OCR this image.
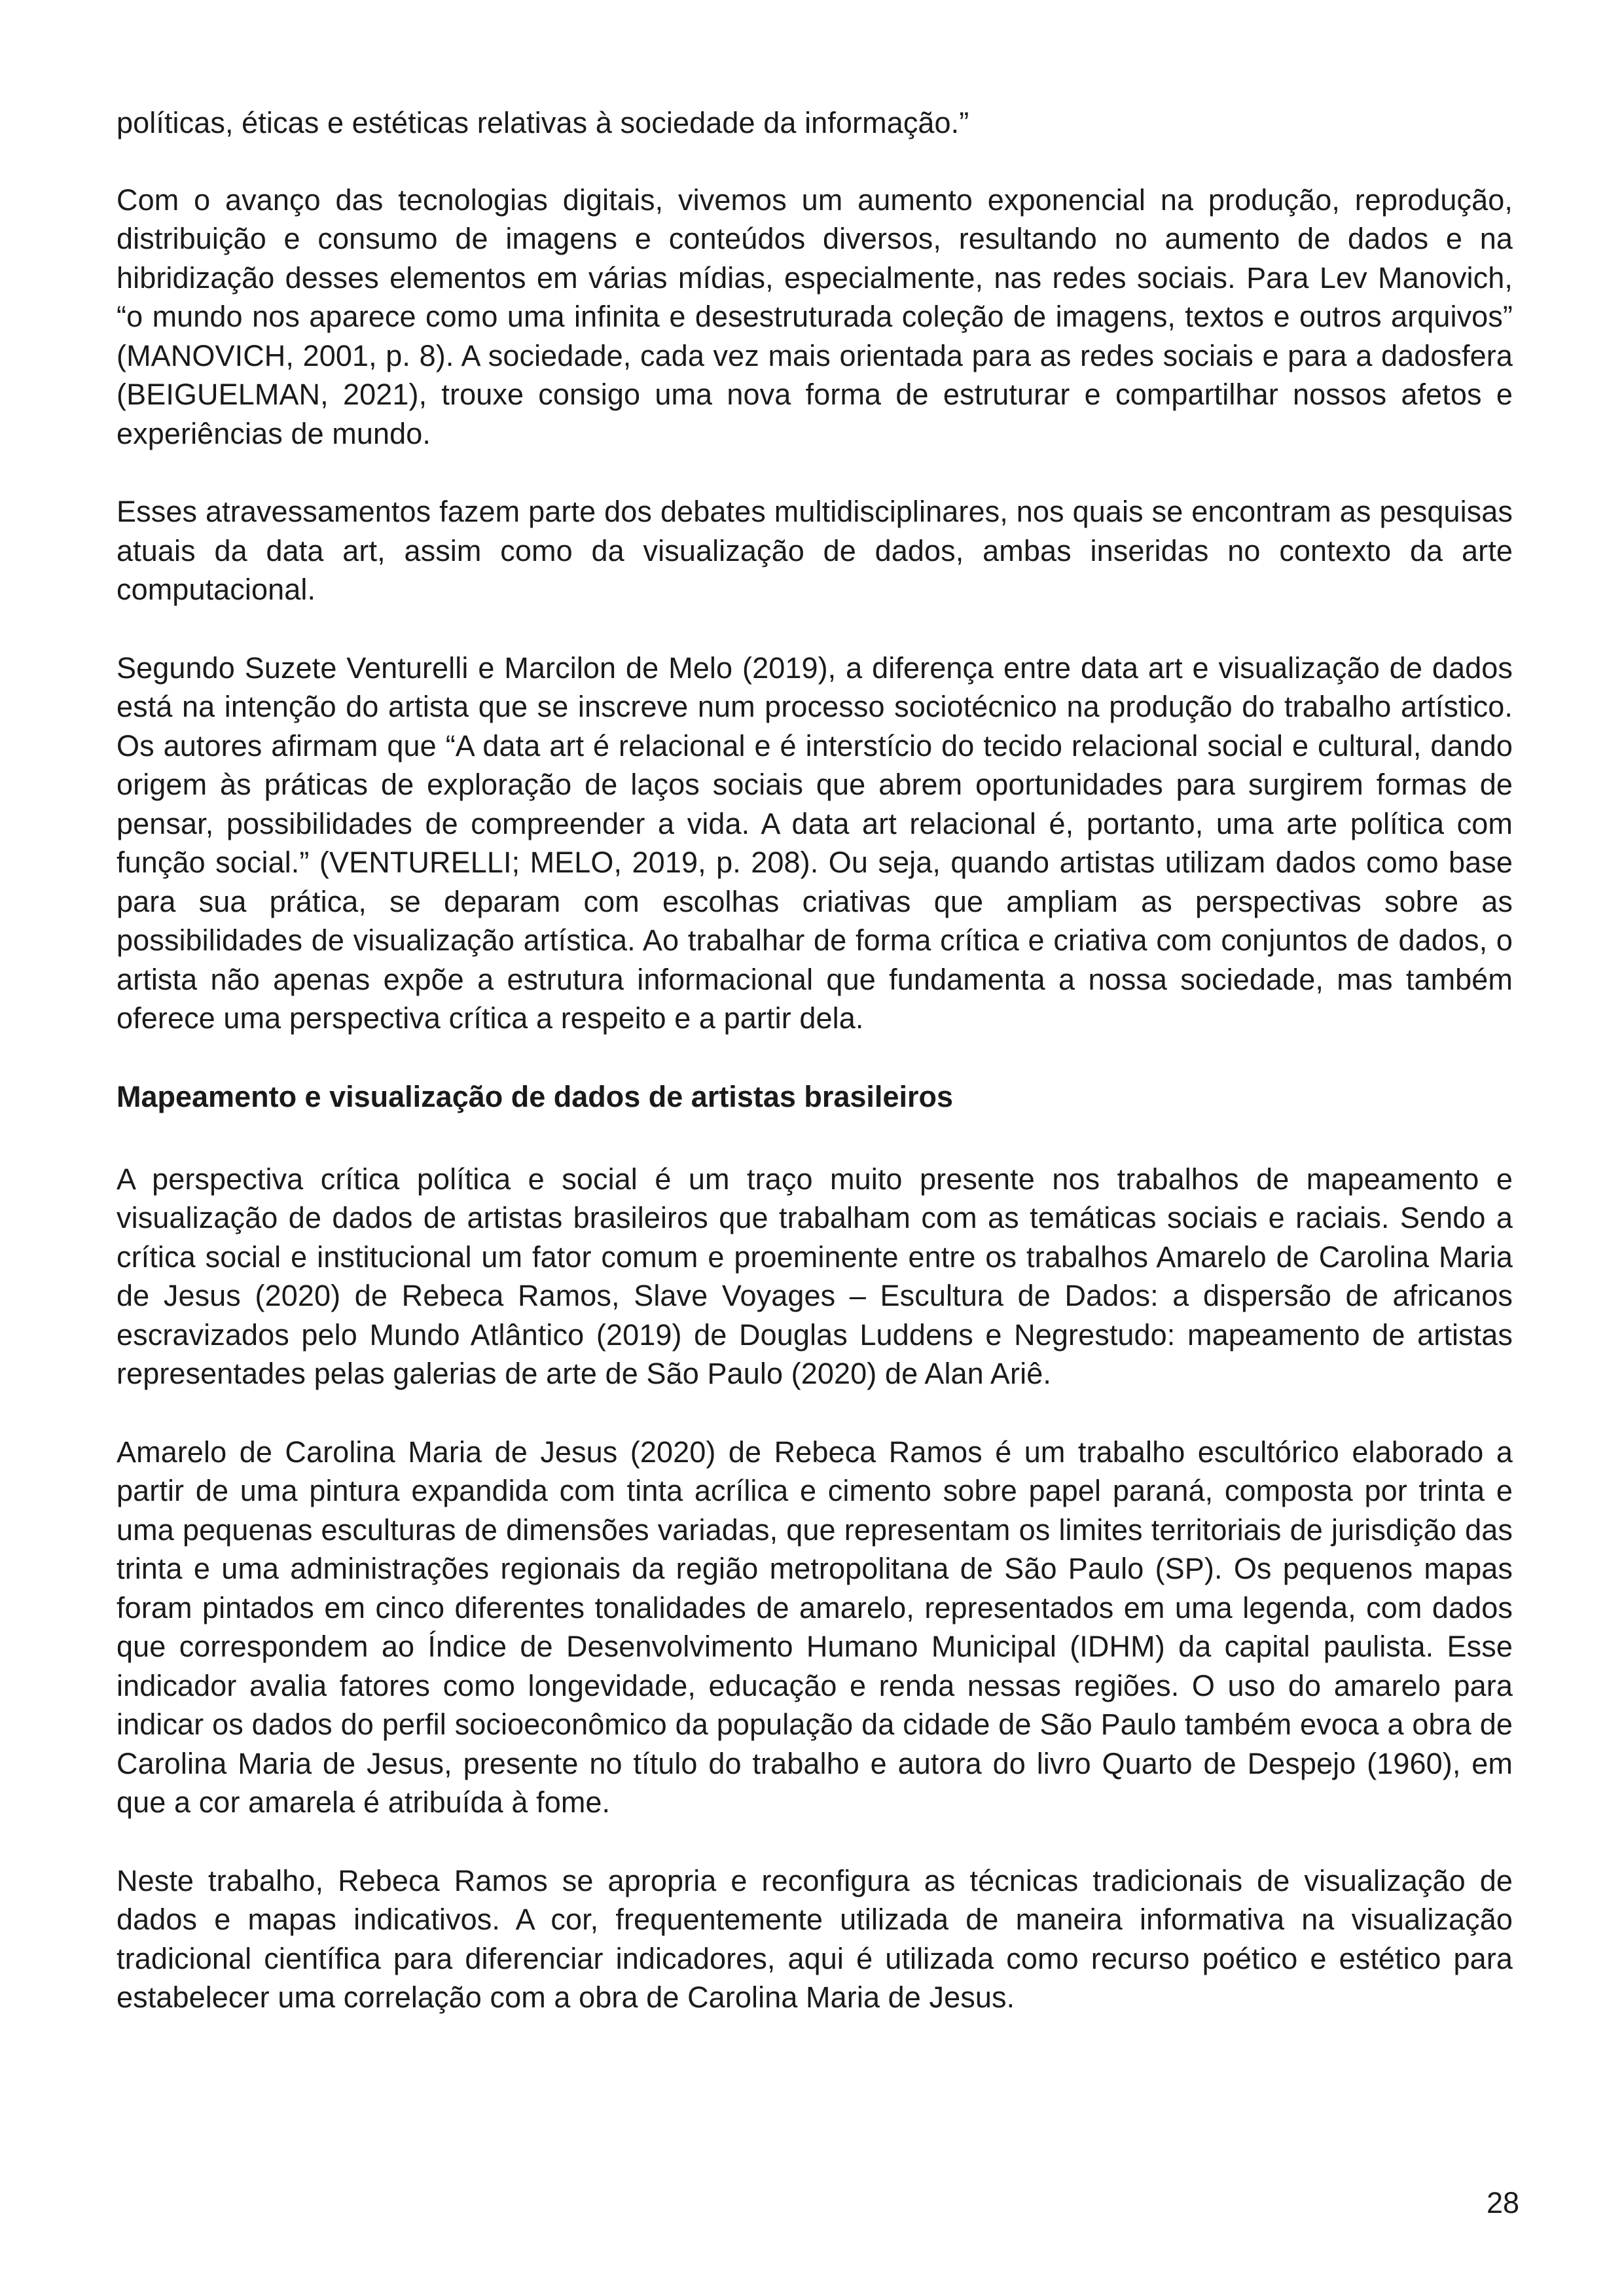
políticas, éticas e estéticas relativas à sociedade da informação.”

Com o avanço das tecnologias digitais, vivemos um aumento exponencial na produção, reprodução, distribuição e consumo de imagens e conteúdos diversos, resultando no aumento de dados e na hibridização desses elementos em várias mídias, especialmente, nas redes sociais. Para Lev Manovich, “o mundo nos aparece como uma infinita e desestruturada coleção de imagens, textos e outros arquivos” (MANOVICH, 2001, p. 8). A sociedade, cada vez mais orientada para as redes sociais e para a dadosfera (BEIGUELMAN, 2021), trouxe consigo uma nova forma de estruturar e compartilhar nossos afetos e experiências de mundo.

Esses atravessamentos fazem parte dos debates multidisciplinares, nos quais se encontram as pesquisas atuais da data art, assim como da visualização de dados, ambas inseridas no contexto da arte computacional.

Segundo Suzete Venturelli e Marcilon de Melo (2019), a diferença entre data art e visualização de dados está na intenção do artista que se inscreve num processo sociotécnico na produção do trabalho artístico. Os autores afirmam que “A data art é relacional e é interstício do tecido relacional social e cultural, dando origem às práticas de exploração de laços sociais que abrem oportunidades para surgirem formas de pensar, possibilidades de compreender a vida. A data art relacional é, portanto, uma arte política com função social.” (VENTURELLI; MELO, 2019, p. 208). Ou seja, quando artistas utilizam dados como base para sua prática, se deparam com escolhas criativas que ampliam as perspectivas sobre as possibilidades de visualização artística. Ao trabalhar de forma crítica e criativa com conjuntos de dados, o artista não apenas expõe a estrutura informacional que fundamenta a nossa sociedade, mas também oferece uma perspectiva crítica a respeito e a partir dela.

Mapeamento e visualização de dados de artistas brasileiros

A perspectiva crítica política e social é um traço muito presente nos trabalhos de mapeamento e visualização de dados de artistas brasileiros que trabalham com as temáticas sociais e raciais. Sendo a crítica social e institucional um fator comum e proeminente entre os trabalhos Amarelo de Carolina Maria de Jesus (2020) de Rebeca Ramos, Slave Voyages – Escultura de Dados: a dispersão de africanos escravizados pelo Mundo Atlântico (2019) de Douglas Luddens e Negrestudo: mapeamento de artistas representades pelas galerias de arte de São Paulo (2020) de Alan Ariê.

Amarelo de Carolina Maria de Jesus (2020) de Rebeca Ramos é um trabalho escultórico elaborado a partir de uma pintura expandida com tinta acrílica e cimento sobre papel paraná, composta por trinta e uma pequenas esculturas de dimensões variadas, que representam os limites territoriais de jurisdição das trinta e uma administrações regionais da região metropolitana de São Paulo (SP). Os pequenos mapas foram pintados em cinco diferentes tonalidades de amarelo, representados em uma legenda, com dados que correspondem ao Índice de Desenvolvimento Humano Municipal (IDHM) da capital paulista. Esse indicador avalia fatores como longevidade, educação e renda nessas regiões. O uso do amarelo para indicar os dados do perfil socioeconômico da população da cidade de São Paulo também evoca a obra de Carolina Maria de Jesus, presente no título do trabalho e autora do livro Quarto de Despejo (1960), em que a cor amarela é atribuída à fome.

Neste trabalho, Rebeca Ramos se apropria e reconfigura as técnicas tradicionais de visualização de dados e mapas indicativos. A cor, frequentemente utilizada de maneira informativa na visualização tradicional científica para diferenciar indicadores, aqui é utilizada como recurso poético e estético para estabelecer uma correlação com a obra de Carolina Maria de Jesus.

28
